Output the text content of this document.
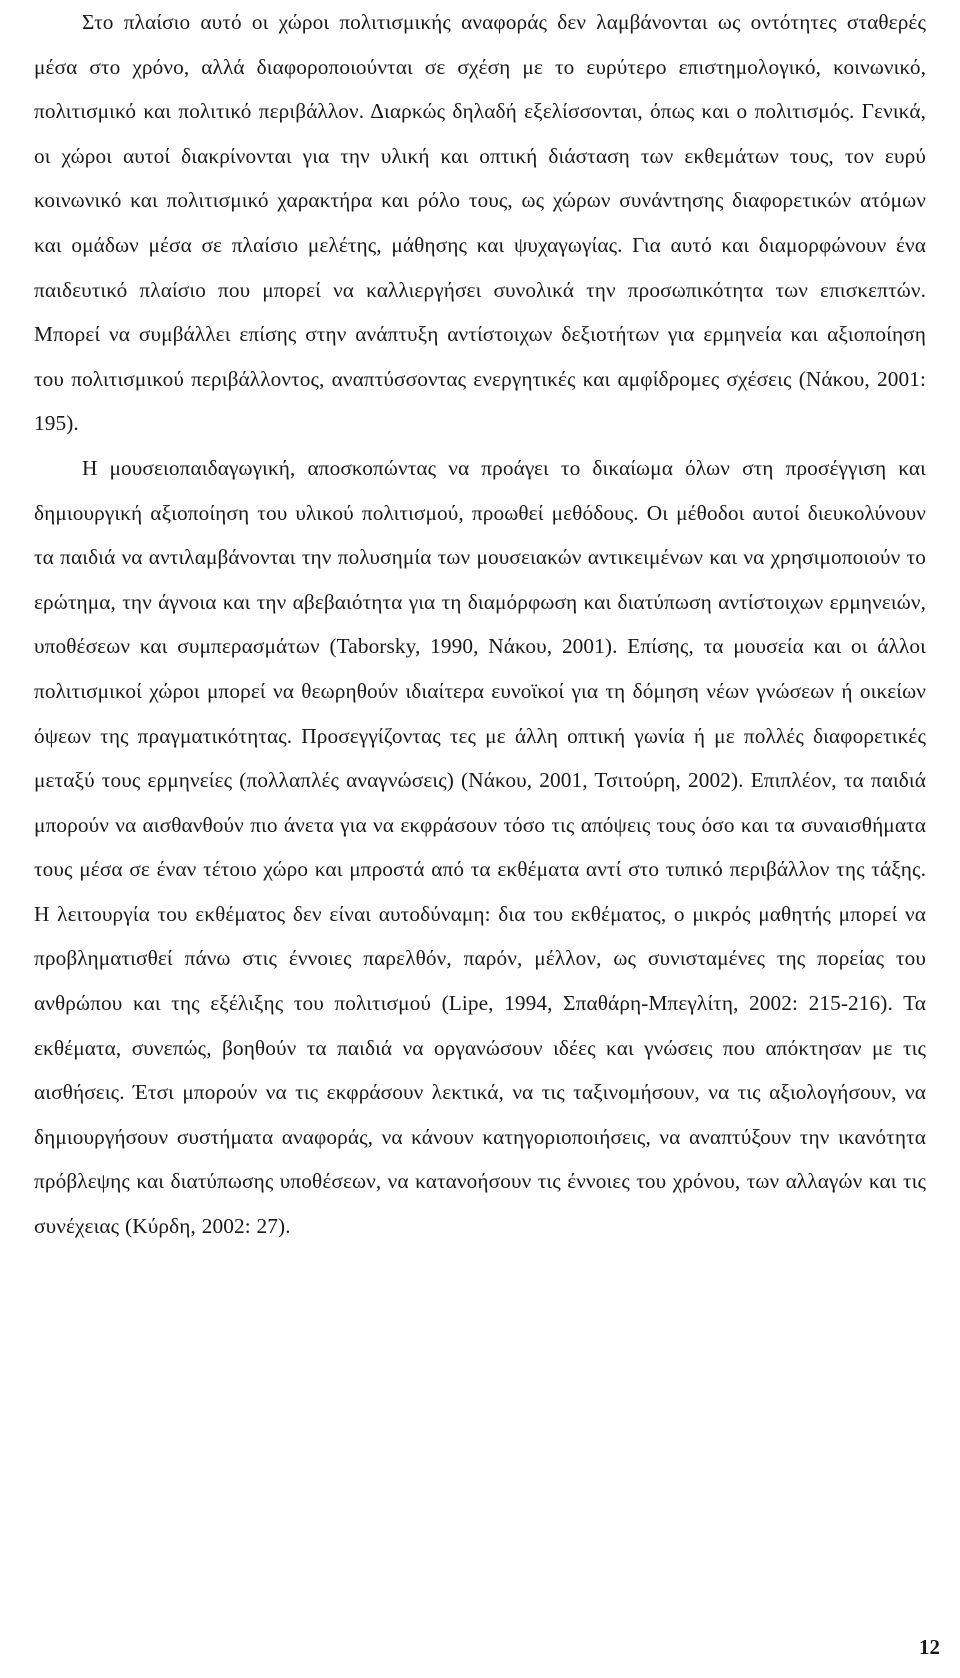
Στο πλαίσιο αυτό οι χώροι πολιτισμικής αναφοράς δεν λαμβάνονται ως οντότητες σταθερές μέσα στο χρόνο, αλλά διαφοροποιούνται σε σχέση με το ευρύτερο επιστημολογικό, κοινωνικό, πολιτισμικό και πολιτικό περιβάλλον. Διαρκώς δηλαδή εξελίσσονται, όπως και ο πολιτισμός. Γενικά, οι χώροι αυτοί διακρίνονται για την υλική και οπτική διάσταση των εκθεμάτων τους, τον ευρύ κοινωνικό και πολιτισμικό χαρακτήρα και ρόλο τους, ως χώρων συνάντησης διαφορετικών ατόμων και ομάδων μέσα σε πλαίσιο μελέτης, μάθησης και ψυχαγωγίας. Για αυτό και διαμορφώνουν ένα παιδευτικό πλαίσιο που μπορεί να καλλιεργήσει συνολικά την προσωπικότητα των επισκεπτών. Μπορεί να συμβάλλει επίσης στην ανάπτυξη αντίστοιχων δεξιοτήτων για ερμηνεία και αξιοποίηση του πολιτισμικού περιβάλλοντος, αναπτύσσοντας ενεργητικές και αμφίδρομες σχέσεις (Νάκου, 2001: 195).

Η μουσειοπαιδαγωγική, αποσκοπώντας να προάγει το δικαίωμα όλων στη προσέγγιση και δημιουργική αξιοποίηση του υλικού πολιτισμού, προωθεί μεθόδους. Οι μέθοδοι αυτοί διευκολύνουν τα παιδιά να αντιλαμβάνονται την πολυσημία των μουσειακών αντικειμένων και να χρησιμοποιούν το ερώτημα, την άγνοια και την αβεβαιότητα για τη διαμόρφωση και διατύπωση αντίστοιχων ερμηνειών, υποθέσεων και συμπερασμάτων (Taborsky, 1990, Νάκου, 2001). Επίσης, τα μουσεία και οι άλλοι πολιτισμικοί χώροι μπορεί να θεωρηθούν ιδιαίτερα ευνοϊκοί για τη δόμηση νέων γνώσεων ή οικείων όψεων της πραγματικότητας. Προσεγγίζοντας τες με άλλη οπτική γωνία ή με πολλές διαφορετικές μεταξύ τους ερμηνείες (πολλαπλές αναγνώσεις) (Νάκου, 2001, Τσιτούρη, 2002). Επιπλέον, τα παιδιά μπορούν να αισθανθούν πιο άνετα για να εκφράσουν τόσο τις απόψεις τους όσο και τα συναισθήματα τους μέσα σε έναν τέτοιο χώρο και μπροστά από τα εκθέματα αντί στο τυπικό περιβάλλον της τάξης. Η λειτουργία του εκθέματος δεν είναι αυτοδύναμη: δια του εκθέματος, ο μικρός μαθητής μπορεί να προβληματισθεί πάνω στις έννοιες παρελθόν, παρόν, μέλλον, ως συνισταμένες της πορείας του ανθρώπου και της εξέλιξης του πολιτισμού (Lipe, 1994, Σπαθάρη-Μπεγλίτη, 2002: 215-216). Τα εκθέματα, συνεπώς, βοηθούν τα παιδιά να οργανώσουν ιδέες και γνώσεις που απόκτησαν με τις αισθήσεις. Έτσι μπορούν να τις εκφράσουν λεκτικά, να τις ταξινομήσουν, να τις αξιολογήσουν, να δημιουργήσουν συστήματα αναφοράς, να κάνουν κατηγοριοποιήσεις, να αναπτύξουν την ικανότητα πρόβλεψης και διατύπωσης υποθέσεων, να κατανοήσουν τις έννοιες του χρόνου, των αλλαγών και τις συνέχειας (Κύρδη, 2002: 27).

12
